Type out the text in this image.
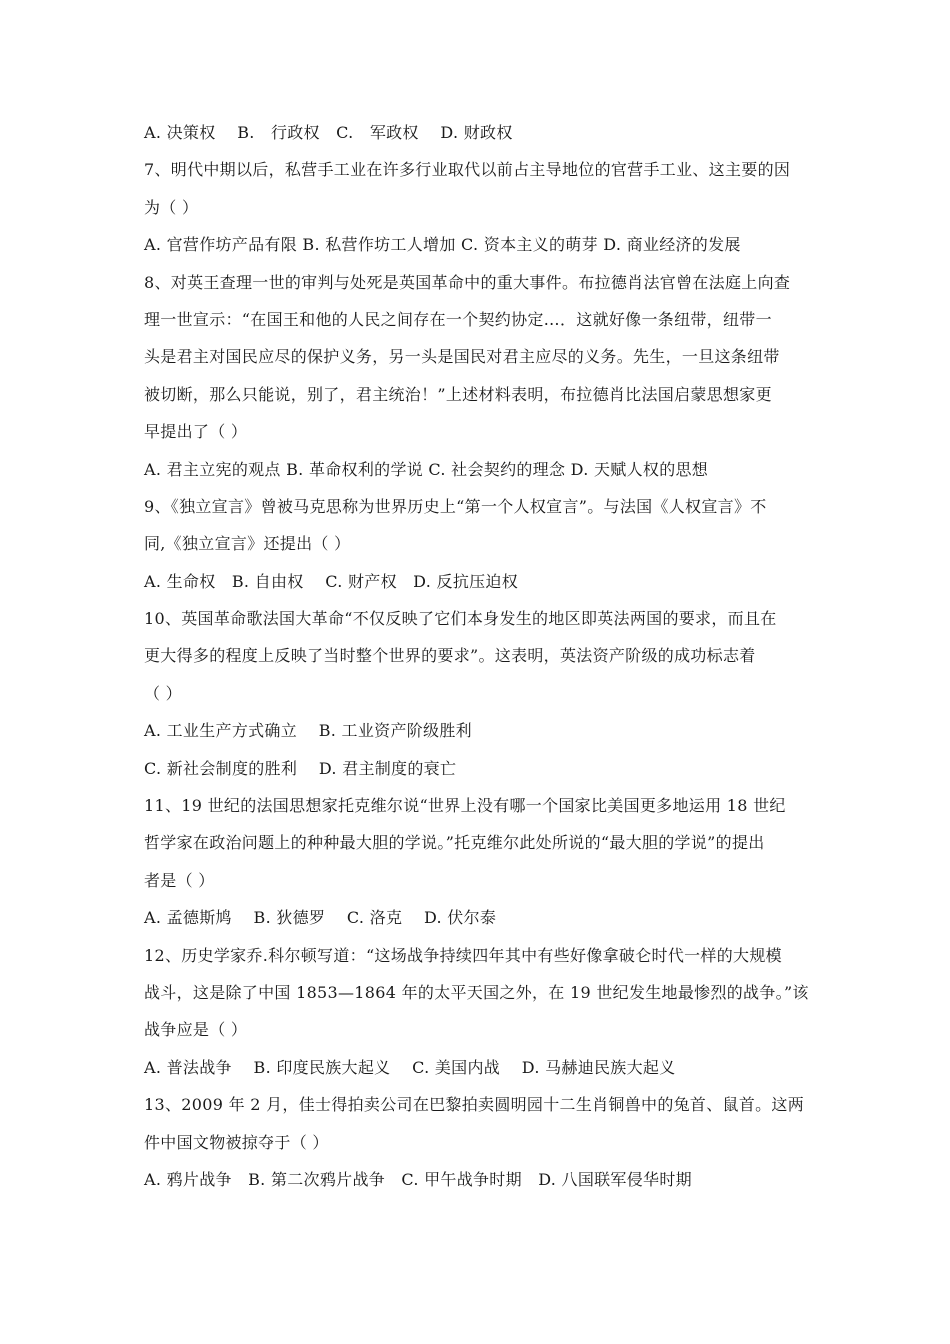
A. 决策权　 B.　行政权　C.　军政权　 D. 财政权
7、明代中期以后，私营手工业在许多行业取代以前占主导地位的官营手工业、这主要的因
为（ ）
A. 官营作坊产品有限 B. 私营作坊工人增加 C. 资本主义的萌芽 D. 商业经济的发展
8、对英王查理一世的审判与处死是英国革命中的重大事件。布拉德肖法官曾在法庭上向查
理一世宣示：“在国王和他的人民之间存在一个契约协定…．这就好像一条纽带，纽带一
头是君主对国民应尽的保护义务，另一头是国民对君主应尽的义务。先生，一旦这条纽带
被切断，那么只能说，别了，君主统治！”上述材料表明，布拉德肖比法国启蒙思想家更
早提出了（ ）
A. 君主立宪的观点 B. 革命权利的学说 C. 社会契约的理念 D. 天赋人权的思想
9、《独立宣言》曾被马克思称为世界历史上“第一个人权宣言”。与法国《人权宣言》不
同,《独立宣言》还提出（ ）
A. 生命权　B. 自由权　 C. 财产权　D. 反抗压迫权
10、英国革命歌法国大革命“不仅反映了它们本身发生的地区即英法两国的要求，而且在
更大得多的程度上反映了当时整个世界的要求”。这表明，英法资产阶级的成功标志着
（ ）
A. 工业生产方式确立　 B. 工业资产阶级胜利
C. 新社会制度的胜利　 D. 君主制度的衰亡
11、19 世纪的法国思想家托克维尔说“世界上没有哪一个国家比美国更多地运用 18 世纪
哲学家在政治问题上的种种最大胆的学说。”托克维尔此处所说的“最大胆的学说”的提出
者是（ ）
A. 孟德斯鸠　 B. 狄德罗　 C. 洛克　 D. 伏尔泰
12、历史学家乔.科尔顿写道：“这场战争持续四年其中有些好像拿破仑时代一样的大规模
战斗，这是除了中国 1853—1864 年的太平天国之外，在 19 世纪发生地最惨烈的战争。”该
战争应是（ ）
A. 普法战争　 B. 印度民族大起义　 C. 美国内战　 D. 马赫迪民族大起义
13、2009 年 2 月，佳士得拍卖公司在巴黎拍卖圆明园十二生肖铜兽中的兔首、鼠首。这两
件中国文物被掠夺于（ ）
A. 鸦片战争　B. 第二次鸦片战争　C. 甲午战争时期　D. 八国联军侵华时期
